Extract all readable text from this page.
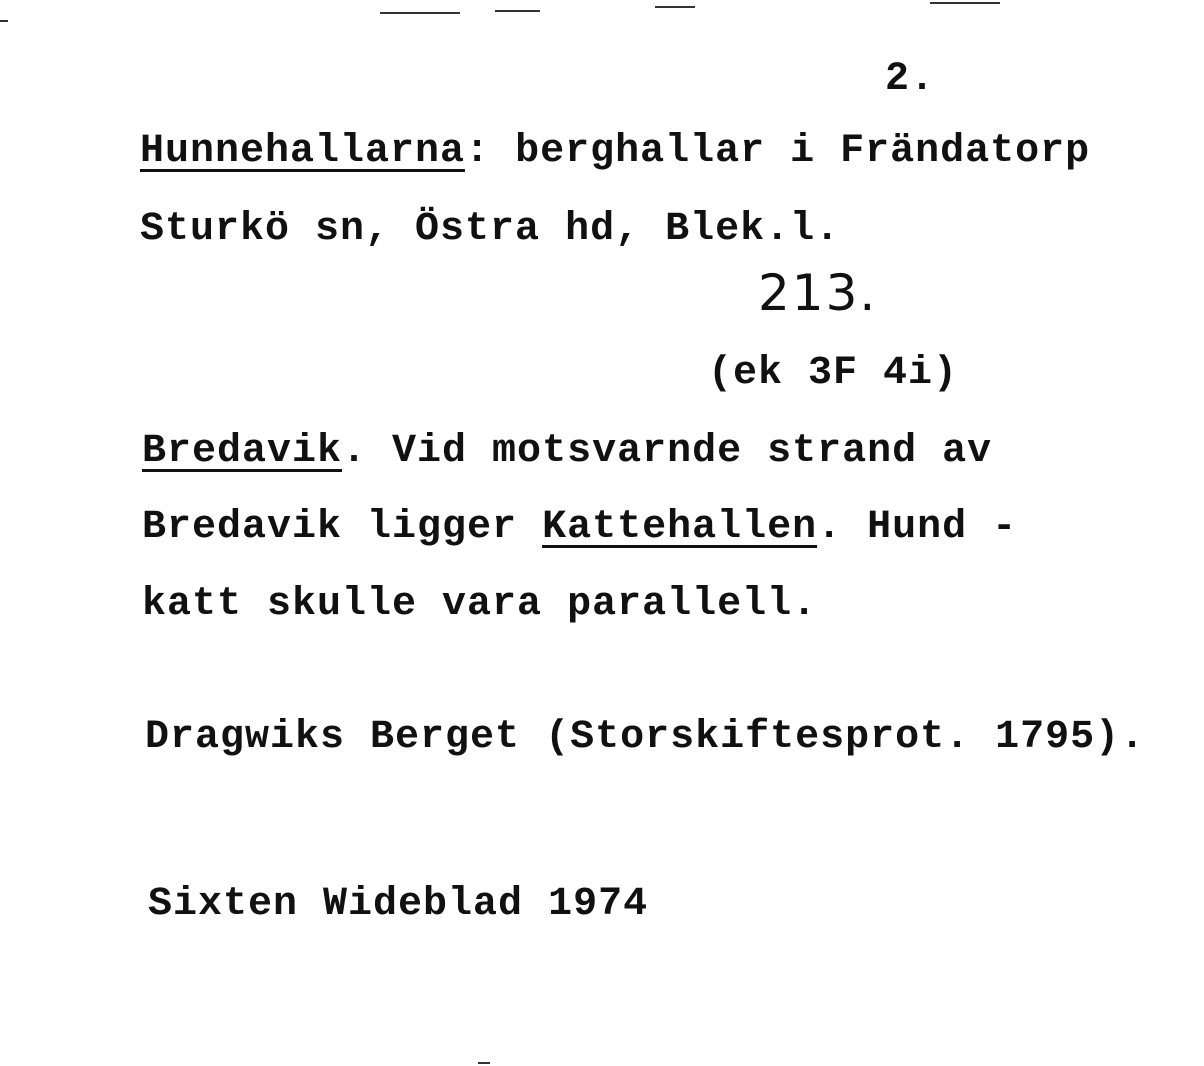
2.
Hunnehallarna: berghallar i Frändatorp
Sturkö sn, Östra hd, Blek.l.
213.
(ek 3F 4i)
Bredavik. Vid motsvarnde strand av
Bredavik ligger Kattehallen. Hund -
katt skulle vara parallell.
Dragwiks Berget (Storskiftesprot. 1795).
Sixten Wideblad 1974
